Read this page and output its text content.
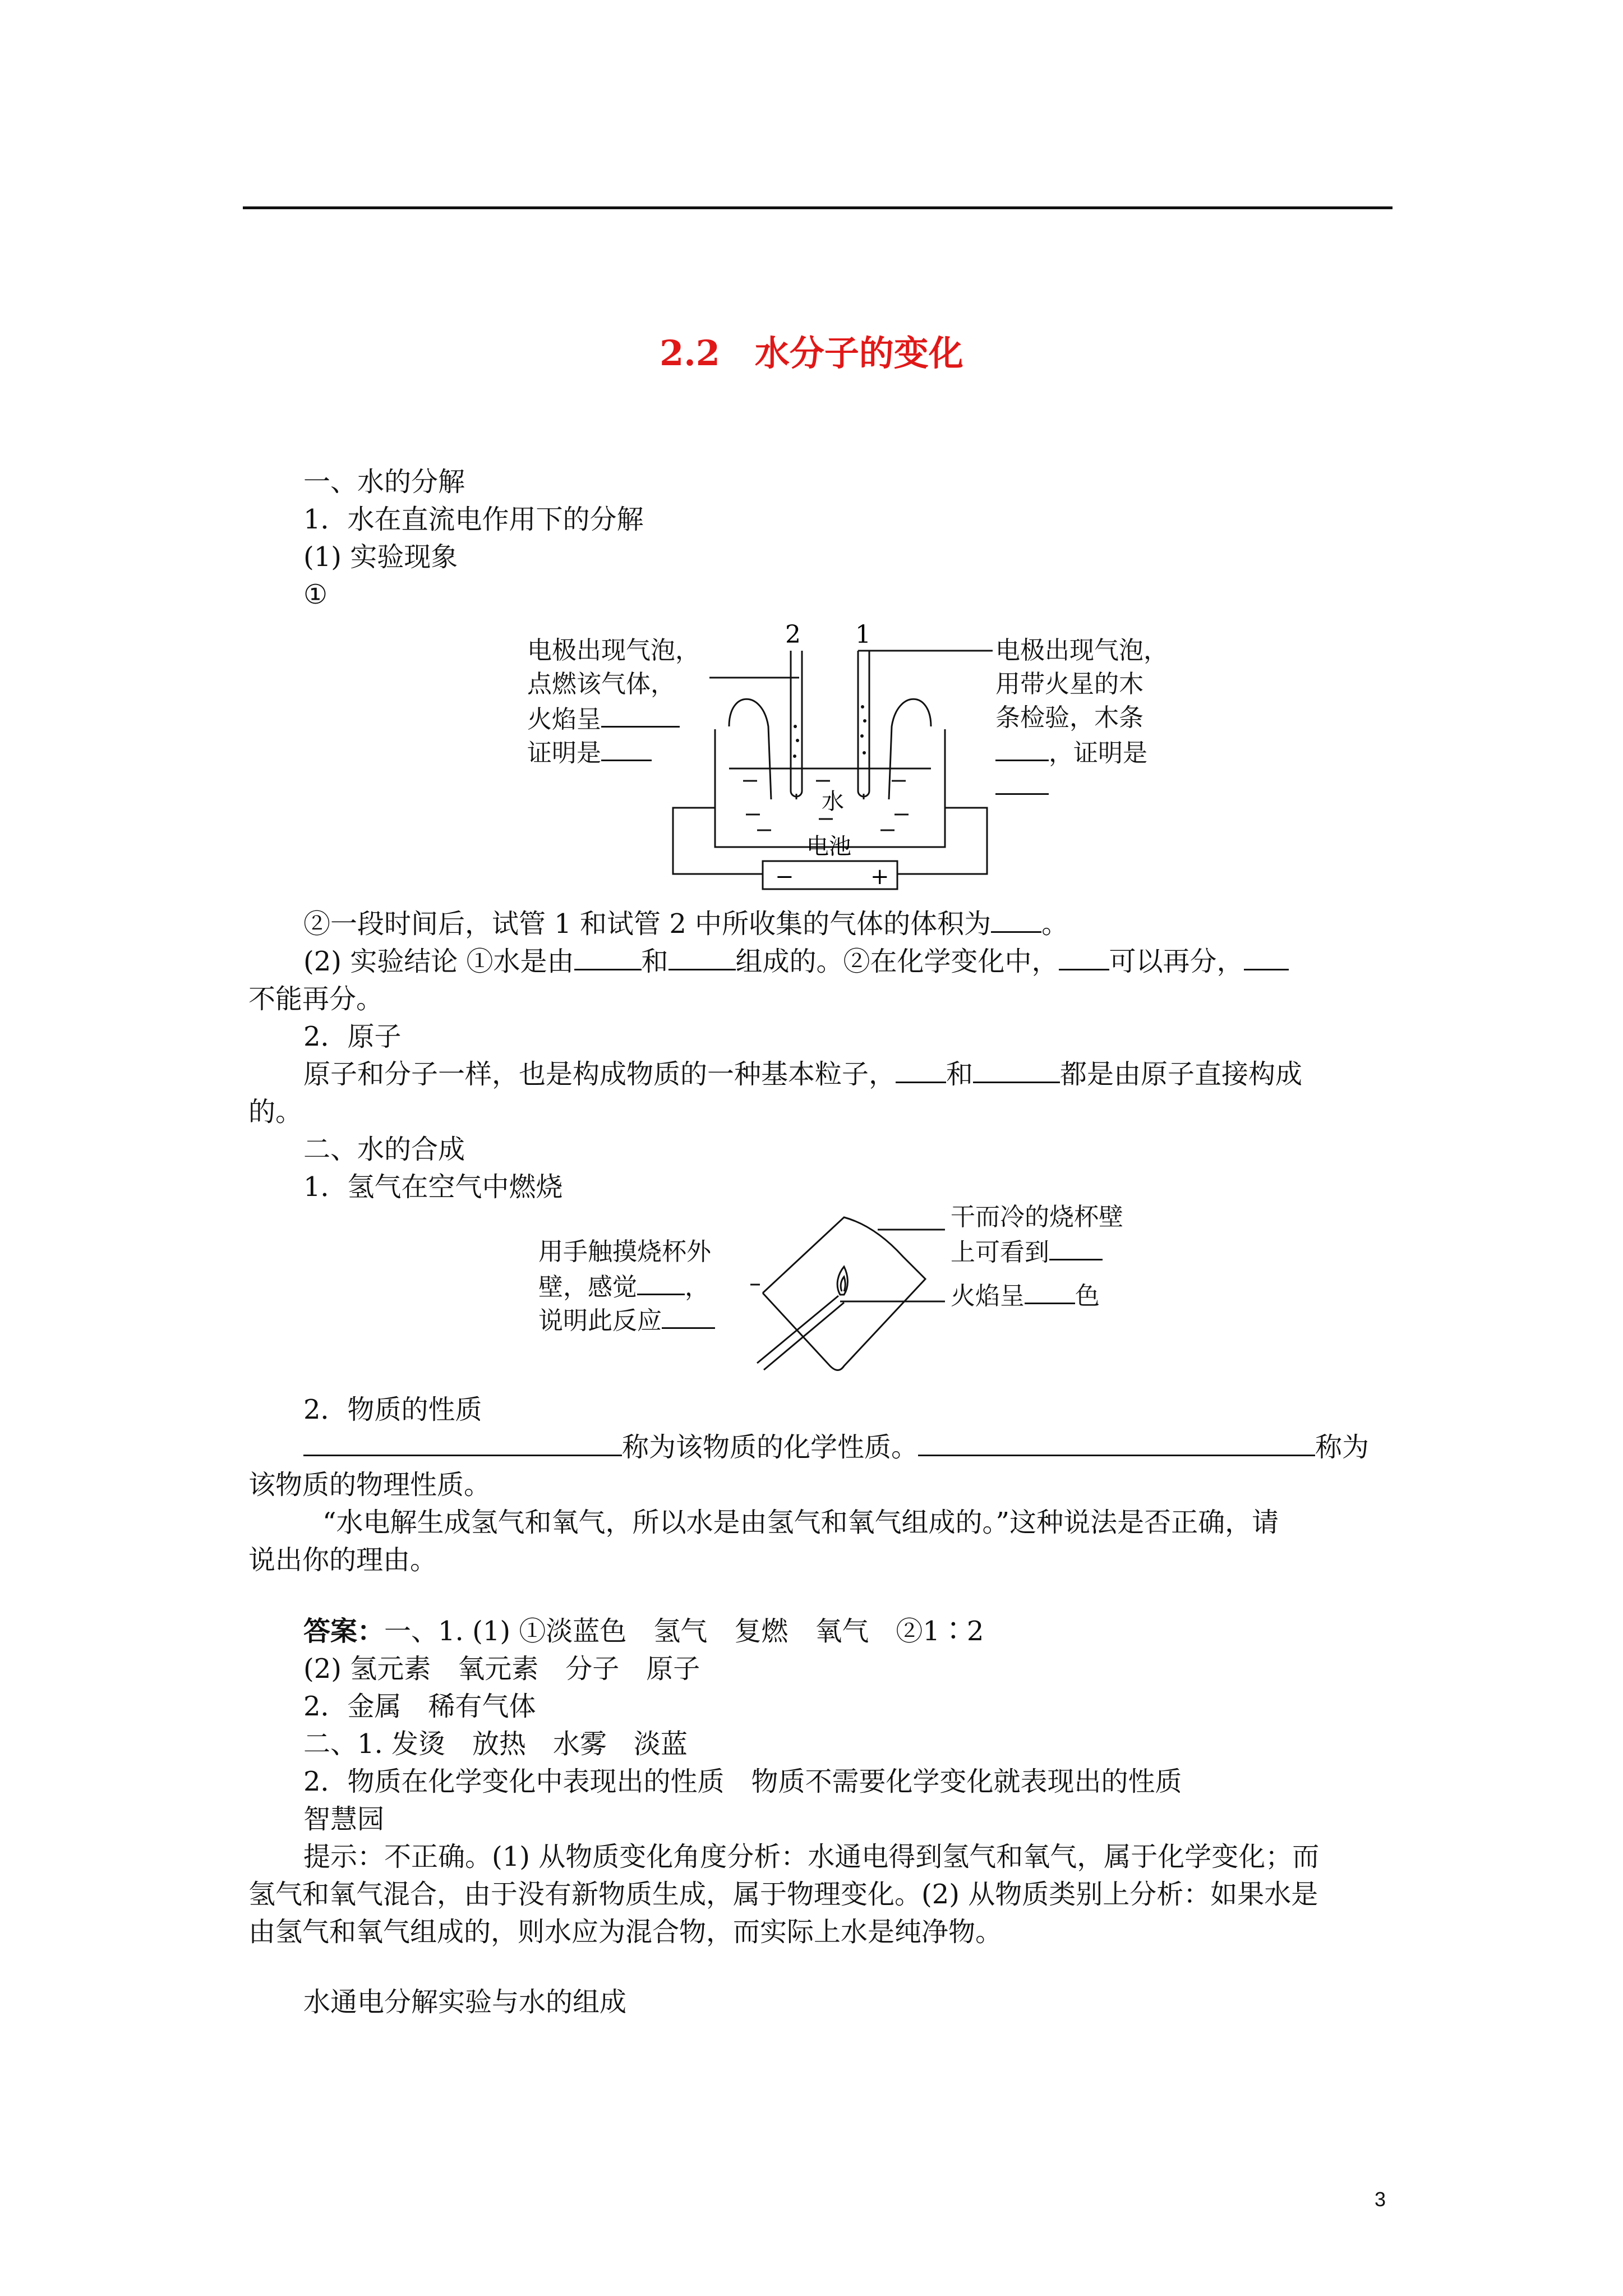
2.2　水分子的变化
一、水的分解
1．水在直流电作用下的分解
(1) 实验现象
①
电极出现气泡，
点燃该气体，
火焰呈
证明是
电极出现气泡，
用带火星的木
条检验，木条
，证明是
2 1
水
电池
−	+
②一段时间后，试管 1 和试管 2 中所收集的气体的体积为 。
(2) 实验结论 ①水是由	和	组成的。②在化学变化中， 可以再分，
不能再分。
2．原子
原子和分子一样，也是构成物质的一种基本粒子， 和	都是由原子直接构成
的。
二、水的合成
1．氢气在空气中燃烧
用手触摸烧杯外
壁，感觉 ，
说明此反应
干而冷的烧杯壁
上可看到
火焰呈 色
2．物质的性质
称为该物质的化学性质。	称为
该物质的物理性质。
“水电解生成氢气和氧气，所以水是由氢气和氧气组成的。”这种说法是否正确，请
说出你的理由。
答案：一、1. (1) ①淡蓝色　氢气　复燃　氧气　②1∶2
(2) 氢元素　氧元素　分子　原子
2．金属　稀有气体
二、1. 发烫　放热　水雾　淡蓝
2．物质在化学变化中表现出的性质　物质不需要化学变化就表现出的性质
智慧园
提示：不正确。(1) 从物质变化角度分析：水通电得到氢气和氧气，属于化学变化；而
氢气和氧气混合，由于没有新物质生成，属于物理变化。(2) 从物质类别上分析：如果水是
由氢气和氧气组成的，则水应为混合物，而实际上水是纯净物。
水通电分解实验与水的组成
3
